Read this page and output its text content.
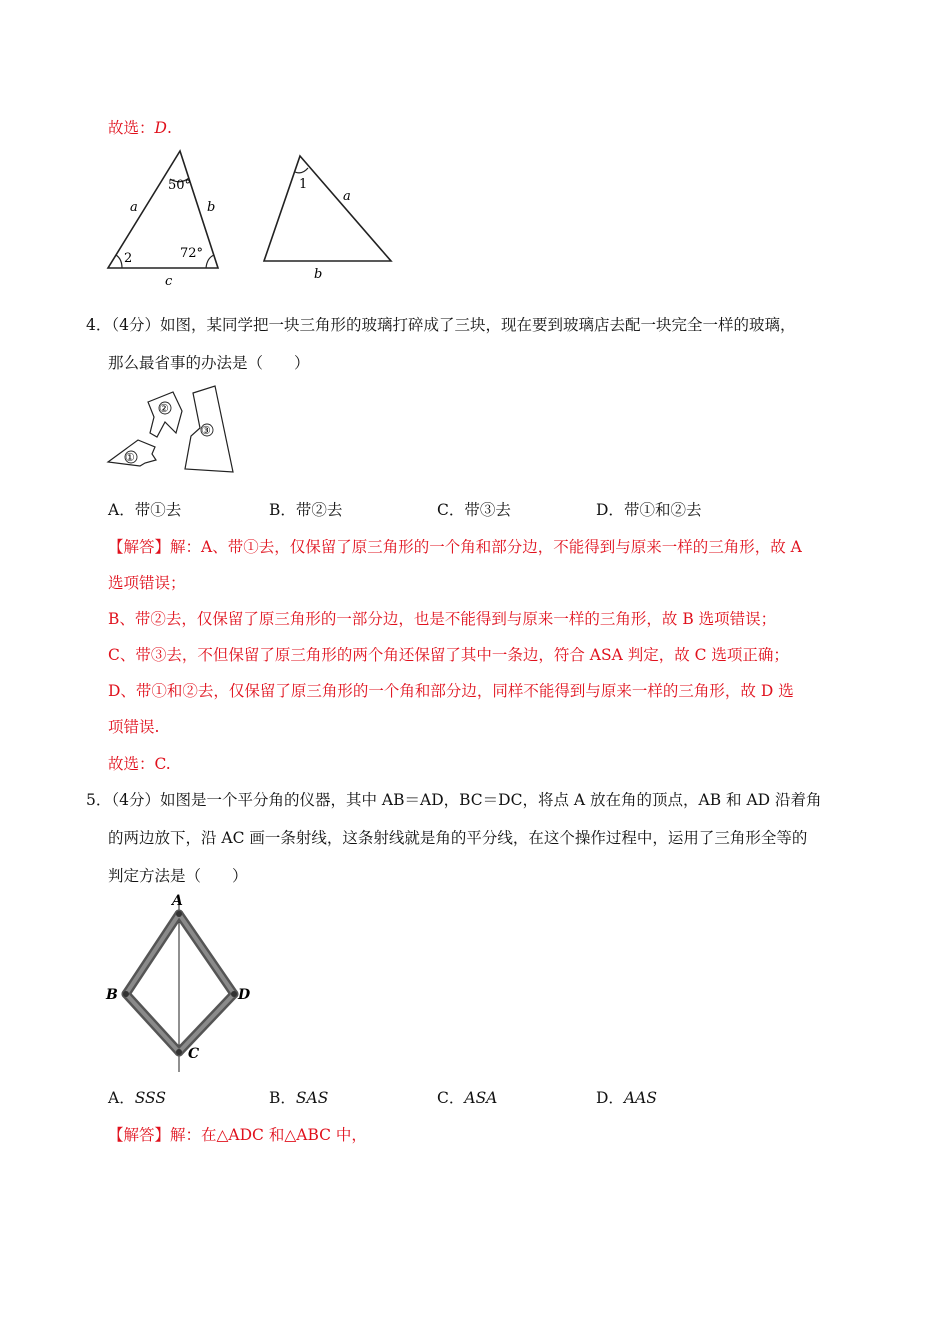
故选：D.
50°
72°
2
a	b
c
1
a
b
4．（4分）如图，某同学把一块三角形的玻璃打碎成了三块，现在要到玻璃店去配一块完全一样的玻璃，
那么最省事的办法是（　　）
①
②
③
A．带①去	B．带②去	C．带③去	D．带①和②去
【解答】解：A、带①去，仅保留了原三角形的一个角和部分边，不能得到与原来一样的三角形，故 A
选项错误；
B、带②去，仅保留了原三角形的一部分边，也是不能得到与原来一样的三角形，故 B 选项错误；
C、带③去，不但保留了原三角形的两个角还保留了其中一条边，符合 ASA 判定，故 C 选项正确；
D、带①和②去，仅保留了原三角形的一个角和部分边，同样不能得到与原来一样的三角形，故 D 选
项错误.
故选：C.
5．（4分）如图是一个平分角的仪器，其中 AB＝AD，BC＝DC，将点 A 放在角的顶点，AB 和 AD 沿着角
的两边放下，沿 AC 画一条射线，这条射线就是角的平分线，在这个操作过程中，运用了三角形全等的
判定方法是（　　）
A
B	D
C
A．SSS	B．SAS	C．ASA	D．AAS
【解答】解：在△ADC 和△ABC 中，
